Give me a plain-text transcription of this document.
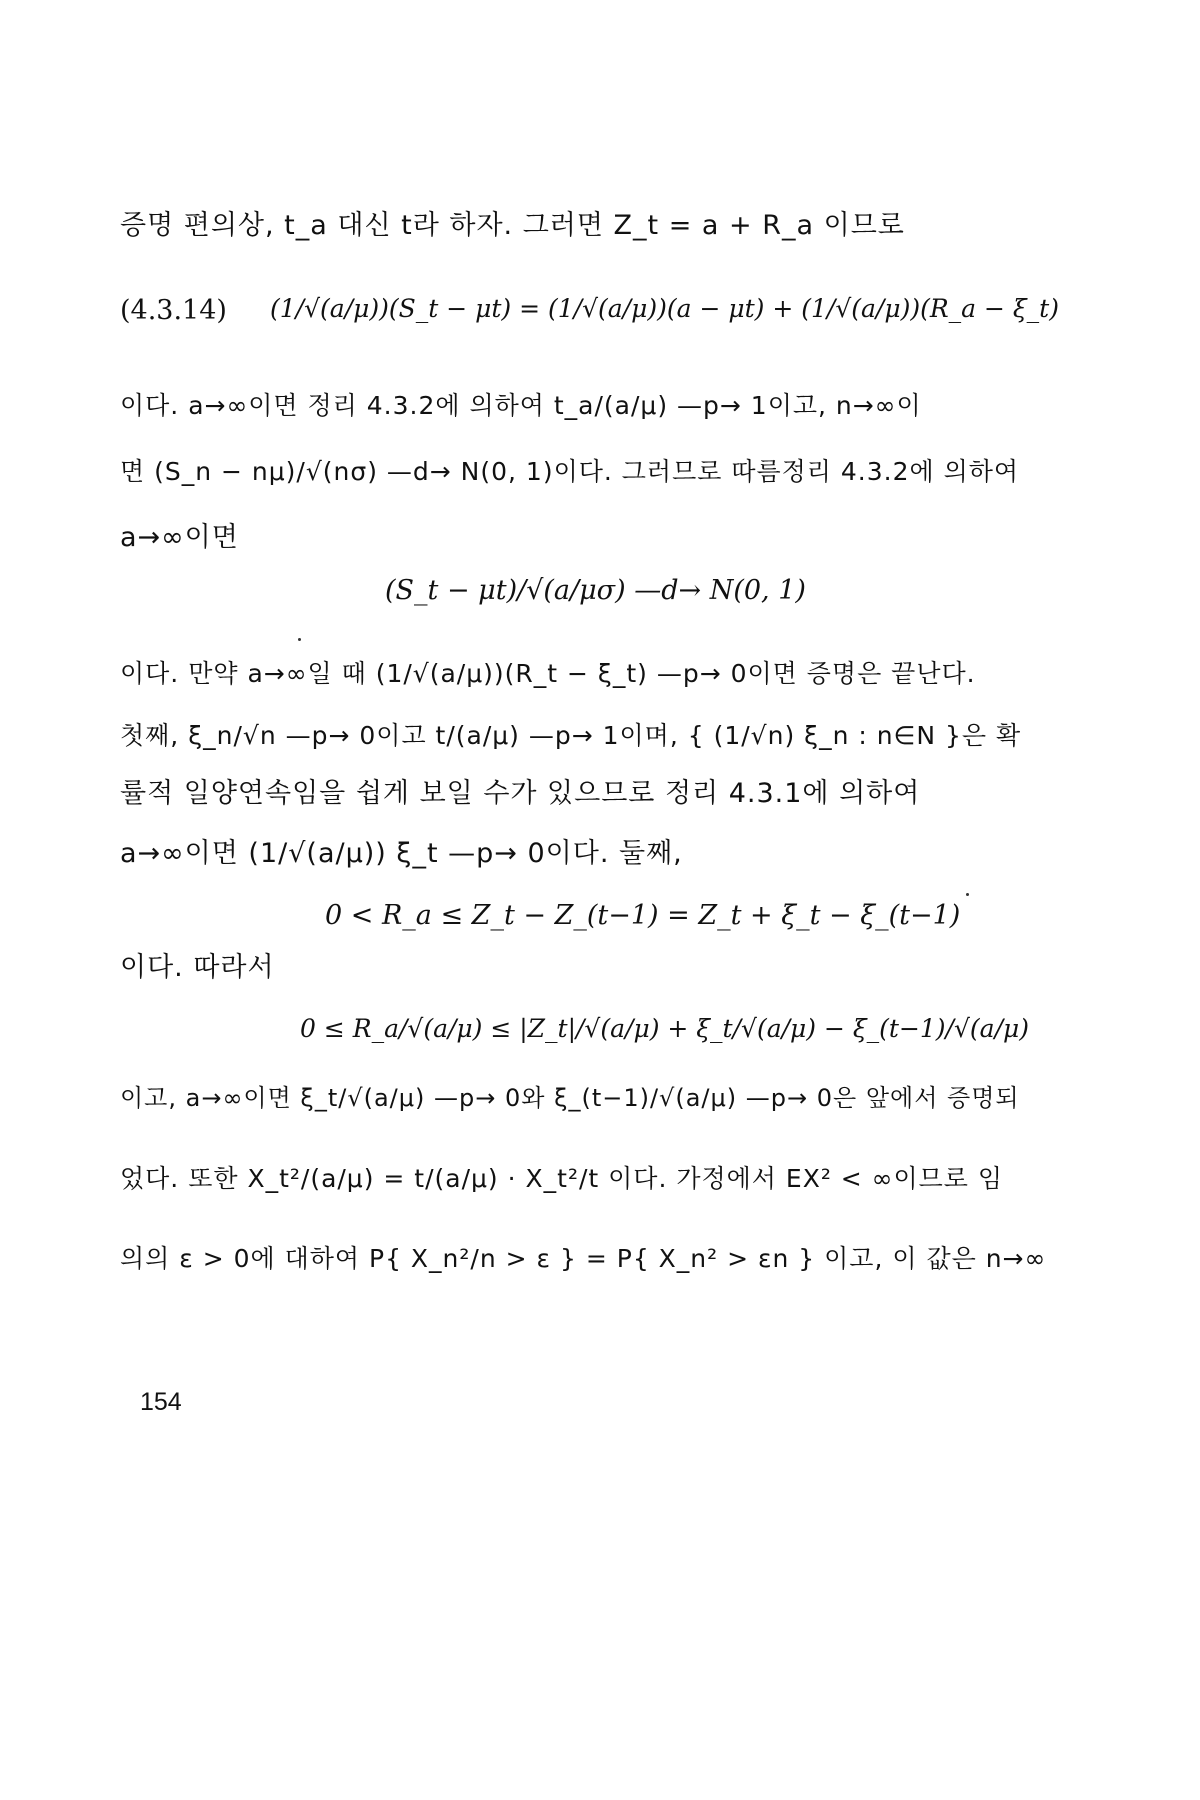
증명 편의상, t_a 대신 t라 하자. 그러면 Z_t = a + R_a 이므로
(4.3.14) (1/√(a/μ))(S_t − μt) = (1/√(a/μ))(a − μt) + (1/√(a/μ))(R_a − ξ_t)
이다. a→∞이면 정리 4.3.2에 의하여 t_a/(a/μ) —p→ 1이고, n→∞이
면 (S_n − nμ)/√(nσ) —d→ N(0, 1)이다. 그러므로 따름정리 4.3.2에 의하여
a→∞이면
(S_t − μt)/√(a/μσ) —d→ N(0, 1)
이다. 만약 a→∞일 때 (1/√(a/μ))(R_t − ξ_t) —p→ 0이면 증명은 끝난다.
첫째, ξ_n/√n —p→ 0이고 t/(a/μ) —p→ 1이며, { (1/√n) ξ_n : n∈N }은 확
률적 일양연속임을 쉽게 보일 수가 있으므로 정리 4.3.1에 의하여
a→∞이면 (1/√(a/μ)) ξ_t —p→ 0이다. 둘째,
0 < R_a ≤ Z_t − Z_(t−1) = Z_t + ξ_t − ξ_(t−1)
이다. 따라서
0 ≤ R_a/√(a/μ) ≤ |Z_t|/√(a/μ) + ξ_t/√(a/μ) − ξ_(t−1)/√(a/μ)
이고, a→∞이면 ξ_t/√(a/μ) —p→ 0와 ξ_(t−1)/√(a/μ) —p→ 0은 앞에서 증명되
었다. 또한 X_t²/(a/μ) = t/(a/μ) · X_t²/t 이다. 가정에서 EX² < ∞이므로 임
의의 ε > 0에 대하여 P{ X_n²/n > ε } = P{ X_n² > εn } 이고, 이 값은 n→∞
154
